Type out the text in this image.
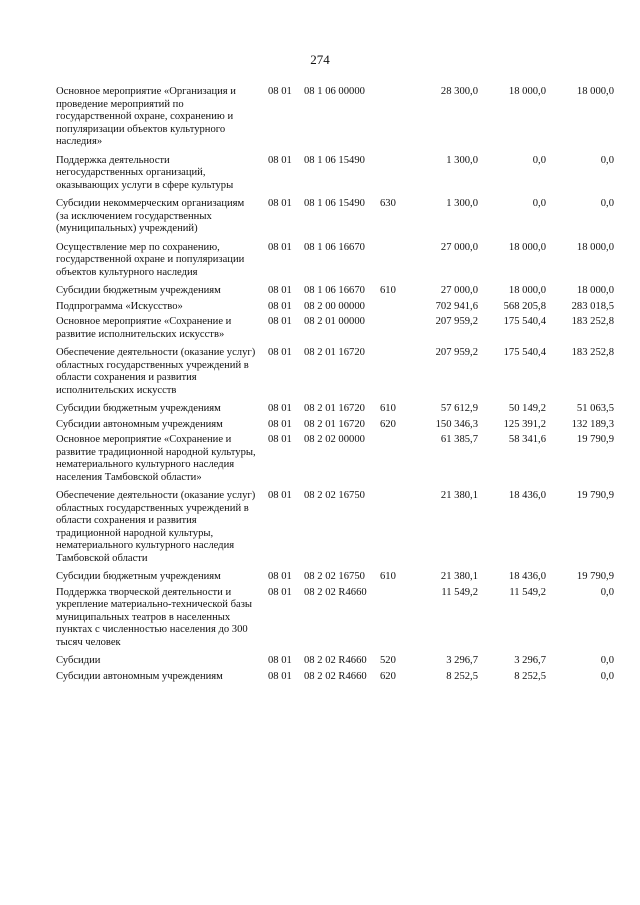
274
Основное мероприятие «Организация и проведение мероприятий по государственной охране, сохранению и популяризации объектов культурного наследия»	08 01	08 1 06 00000		28 300,0	18 000,0	18 000,0
Поддержка деятельности негосударственных организаций, оказывающих услуги в сфере культуры	08 01	08 1 06 15490		1 300,0	0,0	0,0
Субсидии некоммерческим организациям (за исключением государственных (муниципальных) учреждений)	08 01	08 1 06 15490	630	1 300,0	0,0	0,0
Осуществление мер по сохранению, государственной охране и популяризации объектов культурного наследия	08 01	08 1 06 16670		27 000,0	18 000,0	18 000,0
Субсидии бюджетным учреждениям	08 01	08 1 06 16670	610	27 000,0	18 000,0	18 000,0
Подпрограмма «Искусство»	08 01	08 2 00 00000		702 941,6	568 205,8	283 018,5
Основное мероприятие «Сохранение и развитие исполнительских искусств»	08 01	08 2 01 00000		207 959,2	175 540,4	183 252,8
Обеспечение деятельности (оказание услуг) областных государственных учреждений в области сохранения и развития исполнительских искусств	08 01	08 2 01 16720		207 959,2	175 540,4	183 252,8
Субсидии бюджетным учреждениям	08 01	08 2 01 16720	610	57 612,9	50 149,2	51 063,5
Субсидии автономным учреждениям	08 01	08 2 01 16720	620	150 346,3	125 391,2	132 189,3
Основное мероприятие «Сохранение и развитие традиционной народной культуры, нематериального культурного наследия населения Тамбовской области»	08 01	08 2 02 00000		61 385,7	58 341,6	19 790,9
Обеспечение деятельности (оказание услуг) областных государственных учреждений в области сохранения и развития традиционной народной культуры, нематериального культурного наследия Тамбовской области	08 01	08 2 02 16750		21 380,1	18 436,0	19 790,9
Субсидии бюджетным учреждениям	08 01	08 2 02 16750	610	21 380,1	18 436,0	19 790,9
Поддержка творческой деятельности и укрепление материально-технической базы муниципальных театров в населенных пунктах с численностью населения до 300 тысяч человек	08 01	08 2 02 R4660		11 549,2	11 549,2	0,0
Субсидии	08 01	08 2 02 R4660	520	3 296,7	3 296,7	0,0
Субсидии автономным учреждениям	08 01	08 2 02 R4660	620	8 252,5	8 252,5	0,0
